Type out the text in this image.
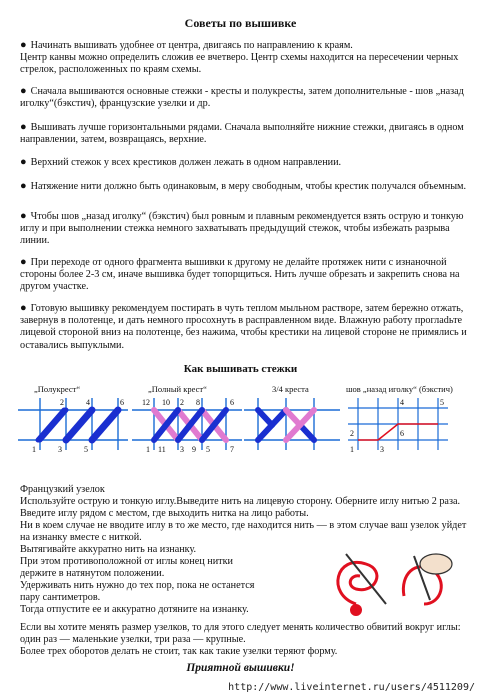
Советы по вышивке
● Начинать вышивать удобнее от центра, двигаясь по направлению к краям.
Центр канвы можно определить сложив ее вчетверо. Центр схемы находится на пересечении черных стрелок, расположенных по краям схемы.
● Сначала вышиваются основные стежки - кресты и полукресты, затем дополнительные - шов „назад иголку“(бэкстич), французские узелки и др.
● Вышивать лучше горизонтальными рядами. Сначала выполняйте нижние стежки, двигаясь в одном направлении, затем, возвращаясь, верхние.
● Верхний стежок у всех крестиков должен лежать в одном направлении.
● Натяжение нити должно быть одинаковым, в меру свободным, чтобы крестик получался объемным.
● Чтобы шов „назад иголку“ (бэкстич) был ровным и плавным рекомендуется взять острую и тонкую иглу и при выполнении стежка немного захватывать предыдущий стежок, чтобы избежать разрыва линии.
● При переходе от одного фрагмента вышивки к другому не делайте протяжек нити с изнаночной стороны более 2-3 см, иначе вышивка будет топорщиться. Нить лучше обрезать и закрепить снова на другом участке.
● Готовую вышивку рекомендуем постирать в чуть теплом мыльном растворе, затем бережно отжать, завернув в полотенце, и дать немного просохнуть в расправленном виде. Влажную работу проглadьте лицевой стороной вниз на полотенце, без нажима, чтобы крестики на лицевой стороне не примялись и оставались выпуклыми.
Как вышивать стежки
„Полукрест“	„Полный крест“	3/4 креста	шов „назад иголку“ (бэкстич)
2	4	6
1	3	5
12 10 2 8	6
1 11 3 9 5	7
4	5
2	6
1	3
Французкий узелок
Используйте острую и тонкую иглу.Выведите нить на лицевую сторону. Оберните иглу нитью 2 раза. Введите иглу рядом с местом, где выходить нитка на лицо работы.
Ни в коем случае не вводите иглу в то же место, где находится нить — в этом случае ваш узелок уйдет на изнанку вместе с ниткой.
Вытягивайте аккуратно нить на изнанку.
При этом противоположной от иглы конец нитки
держите в натянутом положении.
Удерживать нить нужно до тех пор, пока не останется
пару сантиметров.
Тогда отпустите ее и аккуратно дотяните на изнанку.
Если вы хотите менять размер узелков, то для этого следуeт менять количество обвитий вокруг иглы: один раз — маленькие узелки, три раза — крупные.
Более трех оборотов делать не стоит, так как такие узелки теряют форму.
Приятной вышивки!
http://www.liveinternet.ru/users/4511209/
